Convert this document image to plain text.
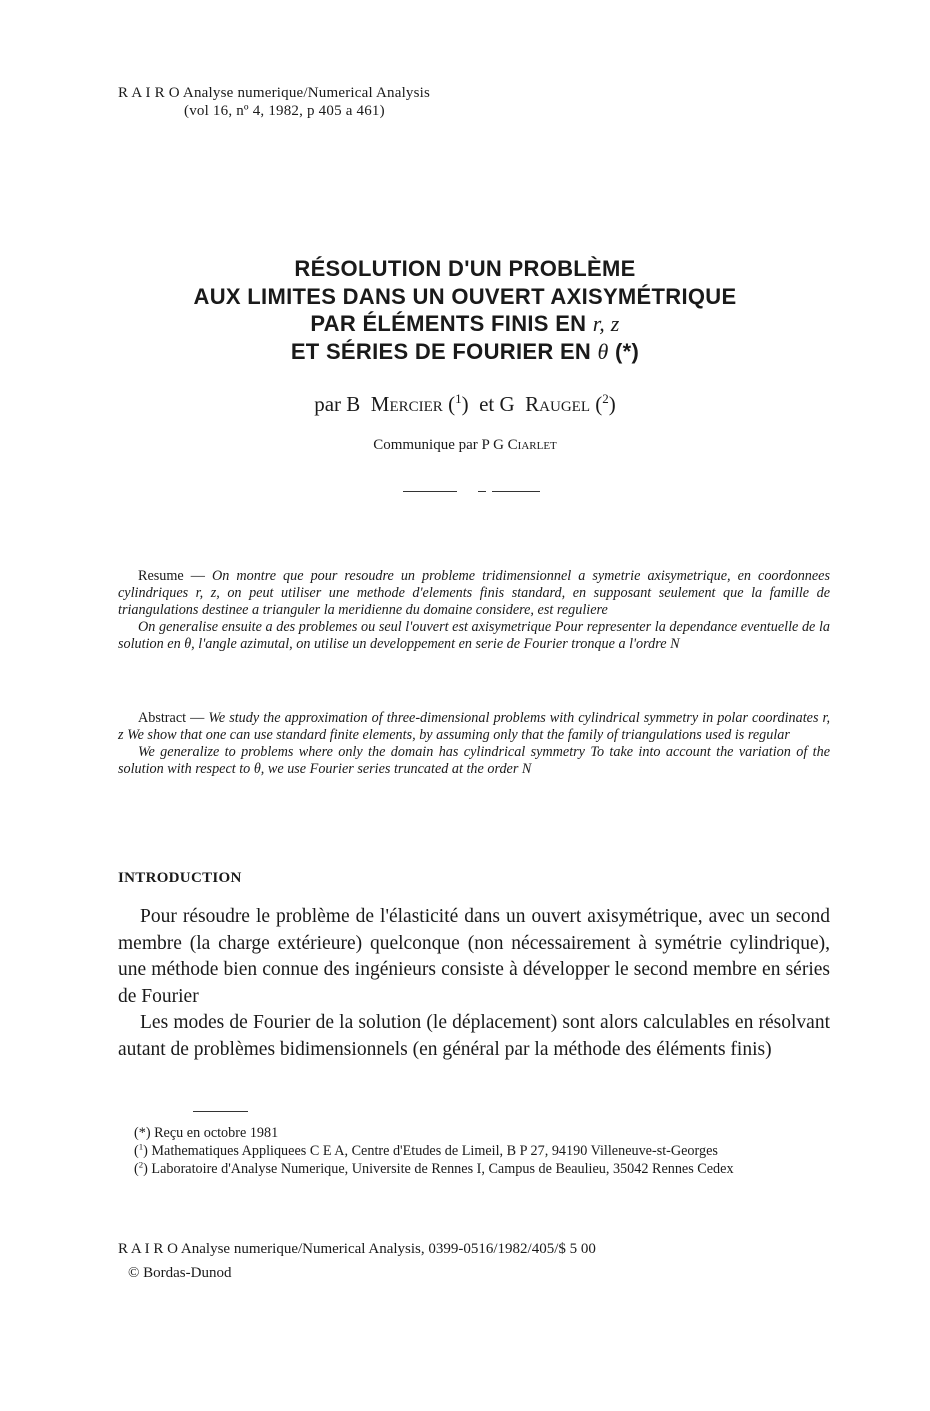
R A I R O Analyse numerique/Numerical Analysis
(vol 16, nº 4, 1982, p 405 a 461)
RÉSOLUTION D'UN PROBLÈME
AUX LIMITES DANS UN OUVERT AXISYMÉTRIQUE
PAR ÉLÉMENTS FINIS EN r, z
ET SÉRIES DE FOURIER EN θ (*)
par B Mercier ($^1$)  et G Raugel ($^2$)
Communique par P G Ciarlet

Resume — On montre que pour resoudre un probleme tridimensionnel a symetrie axisymetrique, en coordonnees cylindriques r, z, on peut utiliser une methode d'elements finis standard, en supposant seulement que la famille de triangulations destinee a trianguler la meridienne du domaine considere, est reguliere

On generalise ensuite a des problemes ou seul l'ouvert est axisymetrique Pour representer la dependance eventuelle de la solution en θ, l'angle azimutal, on utilise un developpement en serie de Fourier tronque a l'ordre N

Abstract — We study the approximation of three-dimensional problems with cylindrical symmetry in polar coordinates r, z We show that one can use standard finite elements, by assuming only that the family of triangulations used is regular

We generalize to problems where only the domain has cylindrical symmetry To take into account the variation of the solution with respect to θ, we use Fourier series truncated at the order N

INTRODUCTION

Pour résoudre le problème de l'élasticité dans un ouvert axisymétrique, avec un second membre (la charge extérieure) quelconque (non nécessairement à symétrie cylindrique), une méthode bien connue des ingénieurs consiste à développer le second membre en séries de Fourier

Les modes de Fourier de la solution (le déplacement) sont alors calculables en résolvant autant de problèmes bidimensionnels (en général par la méthode des éléments finis)

(*) Reçu en octobre 1981

($^1$) Mathematiques Appliquees C E A, Centre d'Etudes de Limeil, B P 27, 94190 Villeneuve-st-Georges

($^2$) Laboratoire d'Analyse Numerique, Universite de Rennes I, Campus de Beaulieu, 35042 Rennes Cedex

R A I R O Analyse numerique/Numerical Analysis, 0399-0516/1982/405/$ 5 00
© Bordas-Dunod
